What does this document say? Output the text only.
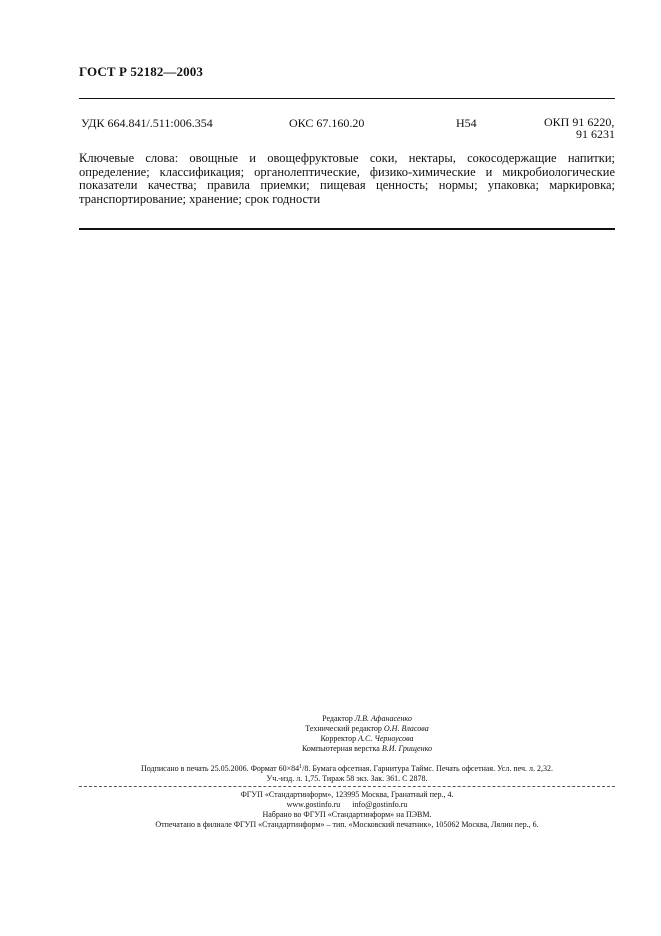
ГОСТ Р 52182—2003
УДК 664.841/.511:006.354	ОКС 67.160.20	Н54	ОКП 91 6220,
91 6231
Ключевые слова: овощные и овощефруктовые соки, нектары, сокосодержащие напитки; определение; классификация; органолептические, физико-химические и микробиологические показатели качества; правила приемки; пищевая ценность; нормы; упаковка; маркировка; транспортирование; хранение; срок годности
Редактор Л.В. Афанасенко
Технический редактор О.Н. Власова
Корректор А.С. Черноусова
Компьютерная верстка В.И. Грищенко
Подписано в печать 25.05.2006. Формат $60\times 84^1/8$. Бумага офсетная. Гарнитура Таймс. Печать офсетная. Усл. печ. л. 2,32.
Уч.-изд. л. 1,75. Тираж 58 экз. Зак. 361. С 2878.
ФГУП «Стандартинформ», 123995 Москва, Гранатный пер., 4.
www.gostinfo.ru info@gostinfo.ru
Набрано во ФГУП «Стандартинформ» на ПЭВМ.
Отпечатано в филиале ФГУП «Стандартинформ» – тип. «Московский печатник», 105062 Москва, Лялин пер., 6.
